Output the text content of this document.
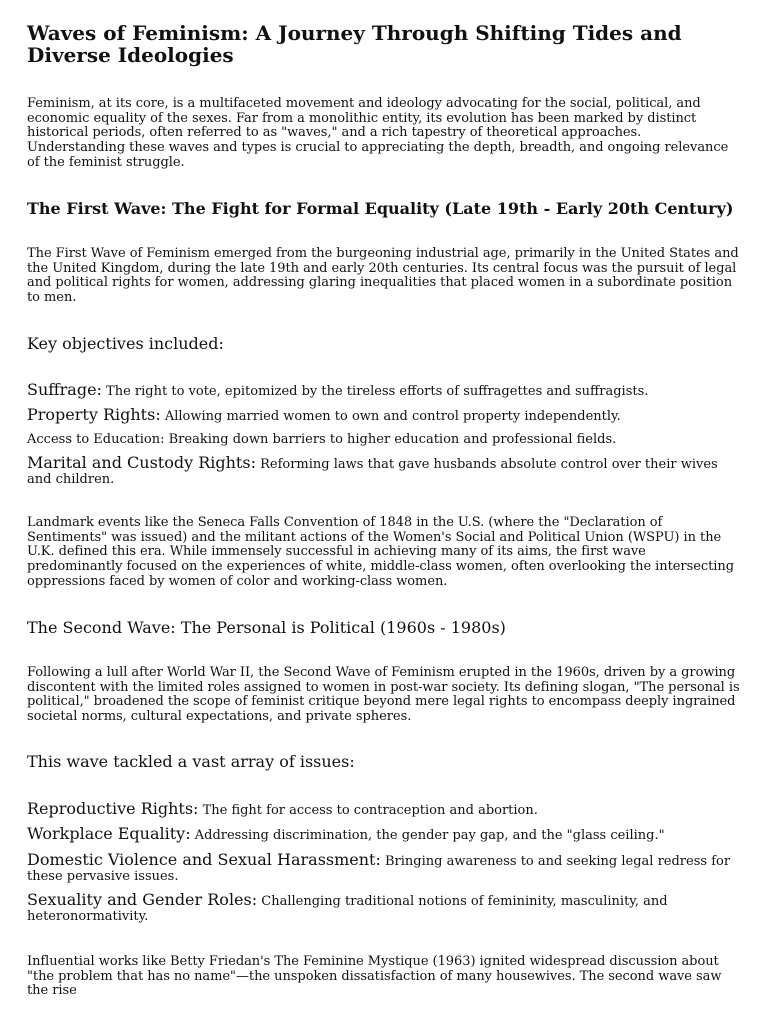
Waves of Feminism: A Journey Through Shifting Tides and Diverse Ideologies

Feminism, at its core, is a multifaceted movement and ideology advocating for the social, political, and economic equality of the sexes. Far from a monolithic entity, its evolution has been marked by distinct historical periods, often referred to as "waves," and a rich tapestry of theoretical approaches. Understanding these waves and types is crucial to appreciating the depth, breadth, and ongoing relevance of the feminist struggle.

The First Wave: The Fight for Formal Equality (Late 19th - Early 20th Century)

The First Wave of Feminism emerged from the burgeoning industrial age, primarily in the United States and the United Kingdom, during the late 19th and early 20th centuries. Its central focus was the pursuit of legal and political rights for women, addressing glaring inequalities that placed women in a subordinate position to men.

Key objectives included:

Suffrage: The right to vote, epitomized by the tireless efforts of suffragettes and suffragists.

Property Rights: Allowing married women to own and control property independently.

Access to Education: Breaking down barriers to higher education and professional fields.

Marital and Custody Rights: Reforming laws that gave husbands absolute control over their wives and children.

Landmark events like the Seneca Falls Convention of 1848 in the U.S. (where the "Declaration of Sentiments" was issued) and the militant actions of the Women's Social and Political Union (WSPU) in the U.K. defined this era. While immensely successful in achieving many of its aims, the first wave predominantly focused on the experiences of white, middle-class women, often overlooking the intersecting oppressions faced by women of color and working-class women.

The Second Wave: The Personal is Political (1960s - 1980s)

Following a lull after World War II, the Second Wave of Feminism erupted in the 1960s, driven by a growing discontent with the limited roles assigned to women in post-war society. Its defining slogan, "The personal is political," broadened the scope of feminist critique beyond mere legal rights to encompass deeply ingrained societal norms, cultural expectations, and private spheres.

This wave tackled a vast array of issues:

Reproductive Rights: The fight for access to contraception and abortion.

Workplace Equality: Addressing discrimination, the gender pay gap, and the "glass ceiling."

Domestic Violence and Sexual Harassment: Bringing awareness to and seeking legal redress for these pervasive issues.

Sexuality and Gender Roles: Challenging traditional notions of femininity, masculinity, and heteronormativity.

Influential works like Betty Friedan's The Feminine Mystique (1963) ignited widespread discussion about "the problem that has no name"—the unspoken dissatisfaction of many housewives. The second wave saw the rise
